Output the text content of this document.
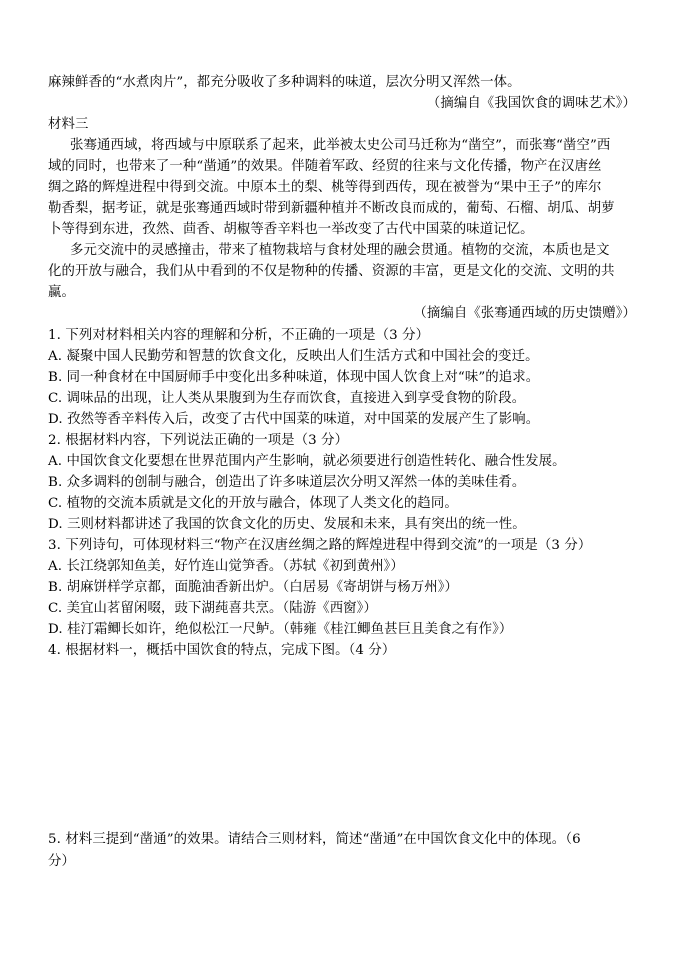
麻辣鲜香的“水煮肉片”，都充分吸收了多种调料的味道，层次分明又浑然一体。
（摘编自《我国饮食的调味艺术》）
材料三
张骞通西域，将西域与中原联系了起来，此举被太史公司马迁称为“凿空”，而张骞“凿空”西
域的同时，也带来了一种“凿通”的效果。伴随着军政、经贸的往来与文化传播，物产在汉唐丝
绸之路的辉煌进程中得到交流。中原本土的梨、桃等得到西传，现在被誉为“果中王子”的库尔
勒香梨，据考证，就是张骞通西域时带到新疆种植并不断改良而成的，葡萄、石榴、胡瓜、胡萝
卜等得到东进，孜然、茴香、胡椒等香辛料也一举改变了古代中国菜的味道记忆。
多元交流中的灵感撞击，带来了植物栽培与食材处理的融会贯通。植物的交流，本质也是文
化的开放与融合，我们从中看到的不仅是物种的传播、资源的丰富，更是文化的交流、文明的共
赢。
（摘编自《张骞通西域的历史馈赠》）
1. 下列对材料相关内容的理解和分析，不正确的一项是（3 分）
A. 凝聚中国人民勤劳和智慧的饮食文化，反映出人们生活方式和中国社会的变迁。
B. 同一种食材在中国厨师手中变化出多种味道，体现中国人饮食上对“味”的追求。
C. 调味品的出现，让人类从果腹到为生存而饮食，直接进入到享受食物的阶段。
D. 孜然等香辛料传入后，改变了古代中国菜的味道，对中国菜的发展产生了影响。
2. 根据材料内容，下列说法正确的一项是（3 分）
A. 中国饮食文化要想在世界范围内产生影响，就必须要进行创造性转化、融合性发展。
B. 众多调料的创制与融合，创造出了许多味道层次分明又浑然一体的美味佳肴。
C. 植物的交流本质就是文化的开放与融合，体现了人类文化的趋同。
D. 三则材料都讲述了我国的饮食文化的历史、发展和未来，具有突出的统一性。
3. 下列诗句，可体现材料三“物产在汉唐丝绸之路的辉煌进程中得到交流”的一项是（3 分）
A. 长江绕郭知鱼美，好竹连山觉笋香。（苏轼《初到黄州》）
B. 胡麻饼样学京都，面脆油香新出炉。（白居易《寄胡饼与杨万州》）
C. 美宜山茗留闲啜，豉下湖莼喜共烹。（陆游《西窗》）
D. 桂汀霜鲫长如许，绝似松江一尺鲈。（韩雍《桂江鲫鱼甚巨且美食之有作》）
4. 根据材料一，概括中国饮食的特点，完成下图。（4 分）
5. 材料三提到“凿通”的效果。请结合三则材料，简述“凿通”在中国饮食文化中的体现。（6
分）
